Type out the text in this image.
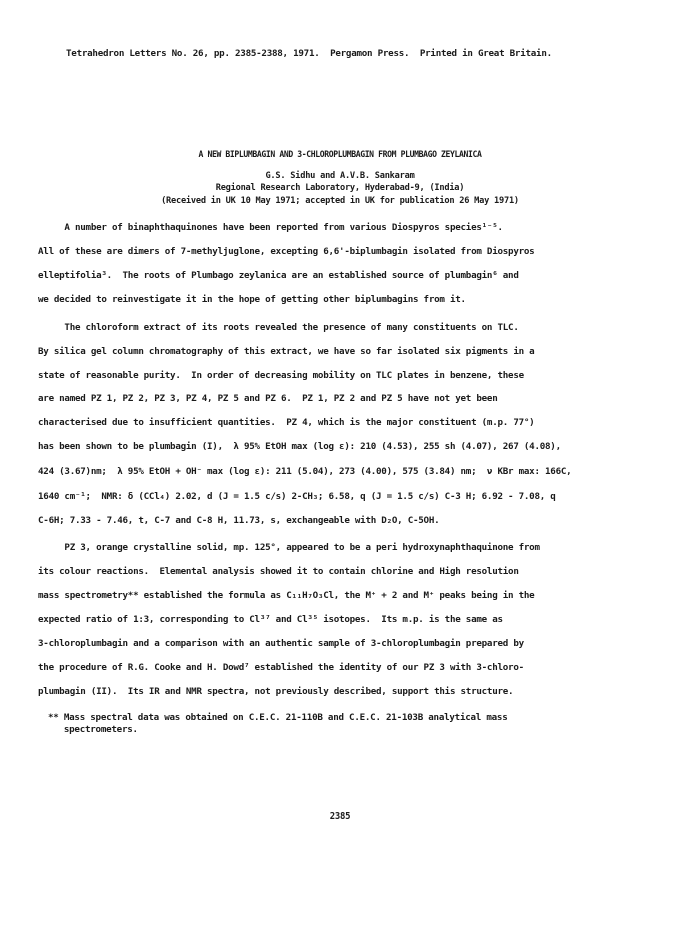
Tetrahedron Letters No. 26, pp. 2385-2388, 1971.  Pergamon Press.  Printed in Great Britain.
A NEW BIPLUMBAGIN AND 3-CHLOROPLUMBAGIN FROM PLUMBAGO ZEYLANICA
G.S. Sidhu and A.V.B. Sankaram
Regional Research Laboratory, Hyderabad-9, (India)
(Received in UK 10 May 1971; accepted in UK for publication 26 May 1971)
A number of binaphthaquinones have been reported from various Diospyros species¹⁻⁵.
All of these are dimers of 7-methyljuglone, excepting 6,6'-biplumbagin isolated from Diospyros
elleptifolia³.  The roots of Plumbago zeylanica are an established source of plumbagin⁶ and
we decided to reinvestigate it in the hope of getting other biplumbagins from it.
The chloroform extract of its roots revealed the presence of many constituents on TLC.
By silica gel column chromatography of this extract, we have so far isolated six pigments in a
state of reasonable purity.  In order of decreasing mobility on TLC plates in benzene, these
are named PZ 1, PZ 2, PZ 3, PZ 4, PZ 5 and PZ 6.  PZ 1, PZ 2 and PZ 5 have not yet been
characterised due to insufficient quantities.  PZ 4, which is the major constituent (m.p. 77°)
has been shown to be plumbagin (I),  λ 95% EtOH max (log ε): 210 (4.53), 255 sh (4.07), 267 (4.08),
424 (3.67)nm;  λ 95% EtOH + OH⁻ max (log ε): 211 (5.04), 273 (4.00), 575 (3.84) nm;  ν KBr max: 166C,
1640 cm⁻¹;  NMR: δ (CCl₄) 2.02, d (J = 1.5 c/s) 2-CH₃; 6.58, q (J = 1.5 c/s) C-3 H; 6.92 - 7.08, q
C-6H; 7.33 - 7.46, t, C-7 and C-8 H, 11.73, s, exchangeable with D₂O, C-5OH.
PZ 3, orange crystalline solid, mp. 125°, appeared to be a peri hydroxynaphthaquinone from
its colour reactions.  Elemental analysis showed it to contain chlorine and High resolution
mass spectrometry** established the formula as C₁₁H₇O₃Cl, the M⁺ + 2 and M⁺ peaks being in the
expected ratio of 1:3, corresponding to Cl³⁷ and Cl³⁵ isotopes.  Its m.p. is the same as
3-chloroplumbagin and a comparison with an authentic sample of 3-chloroplumbagin prepared by
the procedure of R.G. Cooke and H. Dowd⁷ established the identity of our PZ 3 with 3-chloro-
plumbagin (II).  Its IR and NMR spectra, not previously described, support this structure.
** Mass spectral data was obtained on C.E.C. 21-110B and C.E.C. 21-103B analytical mass
spectrometers.
2385
